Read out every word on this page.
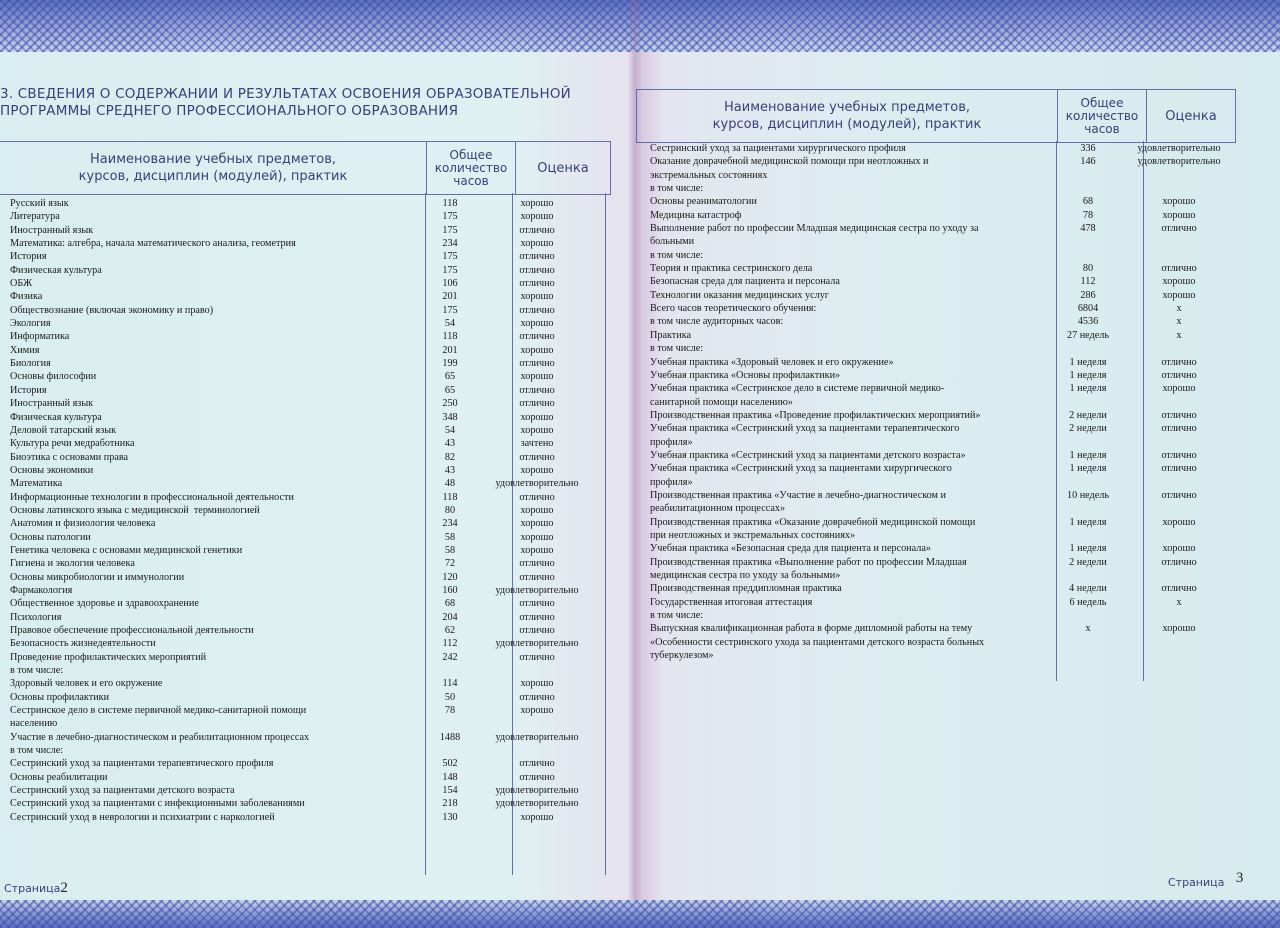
3. СВЕДЕНИЯ О СОДЕРЖАНИИ И РЕЗУЛЬТАТАХ ОСВОЕНИЯ ОБРАЗОВАТЕЛЬНОЙ
ПРОГРАММЫ СРЕДНЕГО ПРОФЕССИОНАЛЬНОГО ОБРАЗОВАНИЯ
Наименование учебных предметов,
курсов, дисциплин (модулей), практик

Общее
количество
часов
	Оценка
Наименование учебных предметов,
курсов, дисциплин (модулей), практик

Общее
количество
часов
	Оценка
Русский язык	118	хорошо
Литература	175	хорошо
Иностранный язык	175	отлично
Математика: алгебра, начала математического анализа, геометрия	234	хорошо
История	175	отлично
Физическая культура	175	отлично
ОБЖ	106	отлично
Физика	201	хорошо
Обществознание (включая экономику и право)	175	отлично
Экология	54	хорошо
Информатика	118	отлично
Химия	201	хорошо
Биология	199	отлично
Основы философии	65	хорошо
История	65	отлично
Иностранный язык	250	отлично
Физическая культура	348	хорошо
Деловой татарский язык	54	хорошо
Культура речи медработника	43	зачтено
Биоэтика с основами права	82	отлично
Основы экономики	43	хорошо
Математика	48	удовлетворительно
Информационные технологии в профессиональной деятельности	118	отлично
Основы латинского языка с медицинской  терминологией	80	хорошо
Анатомия и физиология человека	234	хорошо
Основы патологии	58	хорошо
Генетика человека с основами медицинской генетики	58	хорошо
Гигиена и экология человека	72	отлично
Основы микробиологии и иммунологии	120	отлично
Фармакология	160	удовлетворительно
Общественное здоровье и здравоохранение	68	отлично
Психология	204	отлично
Правовое обеспечение профессиональной деятельности	62	отлично
Безопасность жизнедеятельности	112	удовлетворительно
Проведение профилактических мероприятий	242	отлично
в том числе:
Здоровый человек и его окружение	114	хорошо
Основы профилактики	50	отлично
Сестринское дело в системе первичной медико-санитарной помощи	78	хорошо
населению
Участие в лечебно-диагностическом и реабилитационном процессах	1488	удовлетворительно
в том числе:
Сестринский уход за пациентами терапевтического профиля	502	отлично
Основы реабилитации	148	отлично
Сестринский уход за пациентами детского возраста	154	удовлетворительно
Сестринский уход за пациентами с инфекционными заболеваниями	218	удовлетворительно
Сестринский уход в неврологии и психиатрии с наркологией	130	хорошо
Сестринский уход за пациентами хирургического профиля	336	удовлетворительно
Оказание доврачебной медицинской помощи при неотложных и	146	удовлетворительно
экстремальных состояниях
в том числе:
Основы реаниматологии	68	хорошо
Медицина катастроф	78	хорошо
Выполнение работ по профессии Младшая медицинская сестра по уходу за	478	отлично
больными
в том числе:
Теория и практика сестринского дела	80	отлично
Безопасная среда для пациента и персонала	112	хорошо
Технологии оказания медицинских услуг	286	хорошо
Всего часов теоретического обучения:	6804	х
в том числе аудиторных часов:	4536	х
Практика	27 недель	х
в том числе:
Учебная практика «Здоровый человек и его окружение»	1 неделя	отлично
Учебная практика «Основы профилактики»	1 неделя	отлично
Учебная практика «Сестринское дело в системе первичной медико-	1 неделя	хорошо
санитарной помощи населению»
Производственная практика «Проведение профилактических мероприятий»	2 недели	отлично
Учебная практика «Сестринский уход за пациентами терапевтического	2 недели	отлично
профиля»
Учебная практика «Сестринский уход за пациентами детского возраста»	1 неделя	отлично
Учебная практика «Сестринский уход за пациентами хирургического	1 неделя	отлично
профиля»
Производственная практика «Участие в лечебно-диагностическом и	10 недель	отлично
реабилитационном процессах»
Производственная практика «Оказание доврачебной медицинской помощи	1 неделя	хорошо
при неотложных и экстремальных состояниях»
Учебная практика «Безопасная среда для пациента и персонала»	1 неделя	хорошо
Производственная практика «Выполнение работ по профессии Младшая	2 недели	отлично
медицинская сестра по уходу за больными»
Производственная преддипломная практика	4 недели	отлично
Государственная итоговая аттестация	6 недель	х
в том числе:
Выпускная квалификационная работа в форме дипломной работы на тему	х	хорошо
«Особенности сестринского ухода за пациентами детского возраста больных
туберкулезом»
Страница2	Страница 3
